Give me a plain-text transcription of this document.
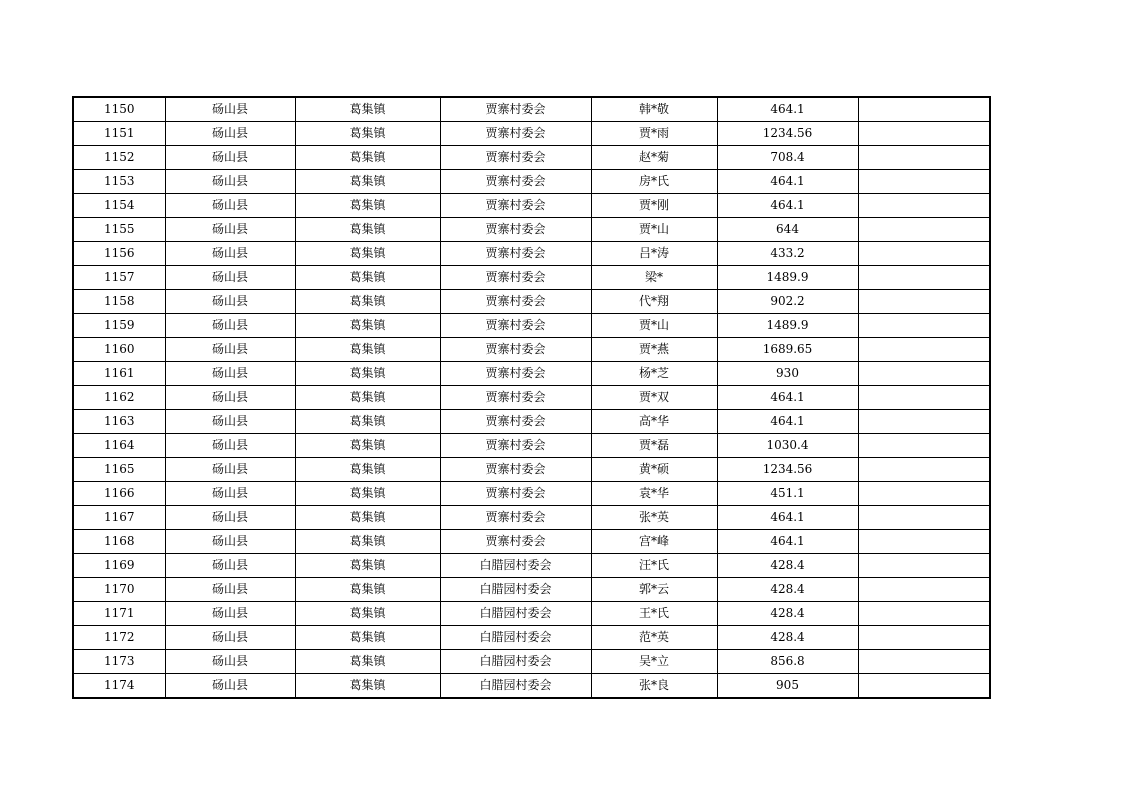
1150	砀山县	葛集镇	贾寨村委会	韩*敬	464.1	
1151	砀山县	葛集镇	贾寨村委会	贾*雨	1234.56	
1152	砀山县	葛集镇	贾寨村委会	赵*菊	708.4	
1153	砀山县	葛集镇	贾寨村委会	房*氏	464.1	
1154	砀山县	葛集镇	贾寨村委会	贾*刚	464.1	
1155	砀山县	葛集镇	贾寨村委会	贾*山	644	
1156	砀山县	葛集镇	贾寨村委会	吕*涛	433.2	
1157	砀山县	葛集镇	贾寨村委会	梁*	1489.9	
1158	砀山县	葛集镇	贾寨村委会	代*翔	902.2	
1159	砀山县	葛集镇	贾寨村委会	贾*山	1489.9	
1160	砀山县	葛集镇	贾寨村委会	贾*燕	1689.65	
1161	砀山县	葛集镇	贾寨村委会	杨*芝	930	
1162	砀山县	葛集镇	贾寨村委会	贾*双	464.1	
1163	砀山县	葛集镇	贾寨村委会	高*华	464.1	
1164	砀山县	葛集镇	贾寨村委会	贾*磊	1030.4	
1165	砀山县	葛集镇	贾寨村委会	黄*硕	1234.56	
1166	砀山县	葛集镇	贾寨村委会	袁*华	451.1	
1167	砀山县	葛集镇	贾寨村委会	张*英	464.1	
1168	砀山县	葛集镇	贾寨村委会	宫*峰	464.1	
1169	砀山县	葛集镇	白腊园村委会	汪*氏	428.4	
1170	砀山县	葛集镇	白腊园村委会	郭*云	428.4	
1171	砀山县	葛集镇	白腊园村委会	王*氏	428.4	
1172	砀山县	葛集镇	白腊园村委会	范*英	428.4	
1173	砀山县	葛集镇	白腊园村委会	吴*立	856.8	
1174	砀山县	葛集镇	白腊园村委会	张*良	905	
